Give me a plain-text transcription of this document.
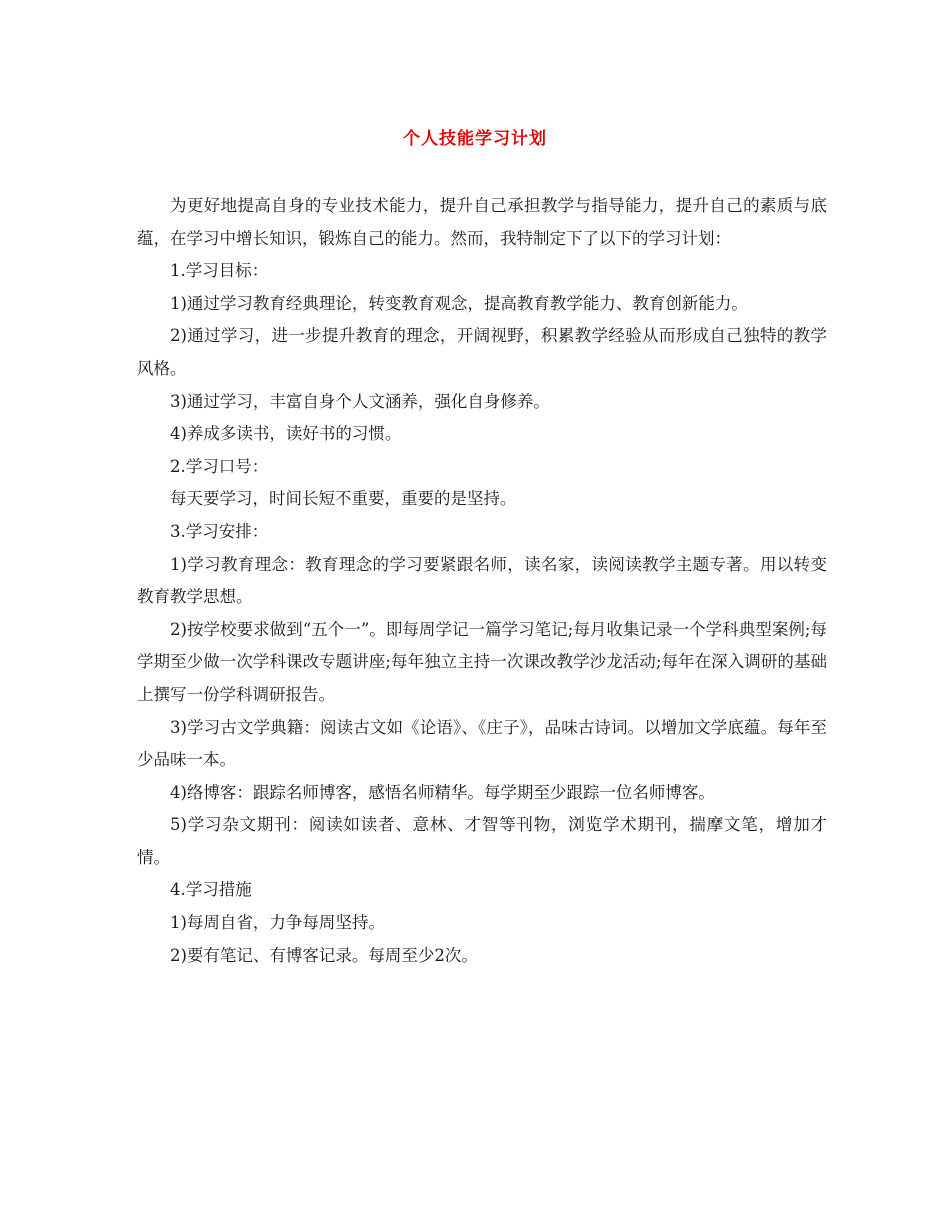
个人技能学习计划

为更好地提高自身的专业技术能力，提升自己承担教学与指导能力，提升自己的素质与底蕴，在学习中增长知识，锻炼自己的能力。然而，我特制定下了以下的学习计划：

1.学习目标：

1)通过学习教育经典理论，转变教育观念，提高教育教学能力、教育创新能力。

2)通过学习，进一步提升教育的理念，开阔视野，积累教学经验从而形成自己独特的教学风格。

3)通过学习，丰富自身个人文涵养，强化自身修养。

4)养成多读书，读好书的习惯。

2.学习口号：

每天要学习，时间长短不重要，重要的是坚持。

3.学习安排：

1)学习教育理念：教育理念的学习要紧跟名师，读名家，读阅读教学主题专著。用以转变教育教学思想。

2)按学校要求做到“五个一”。即每周学记一篇学习笔记;每月收集记录一个学科典型案例;每学期至少做一次学科课改专题讲座;每年独立主持一次课改教学沙龙活动;每年在深入调研的基础上撰写一份学科调研报告。

3)学习古文学典籍：阅读古文如《论语》、《庄子》，品味古诗词。以增加文学底蕴。每年至少品味一本。

4)络博客：跟踪名师博客，感悟名师精华。每学期至少跟踪一位名师博客。

5)学习杂文期刊：阅读如读者、意林、才智等刊物，浏览学术期刊，揣摩文笔，增加才情。

4.学习措施

1)每周自省，力争每周坚持。

2)要有笔记、有博客记录。每周至少2次。
